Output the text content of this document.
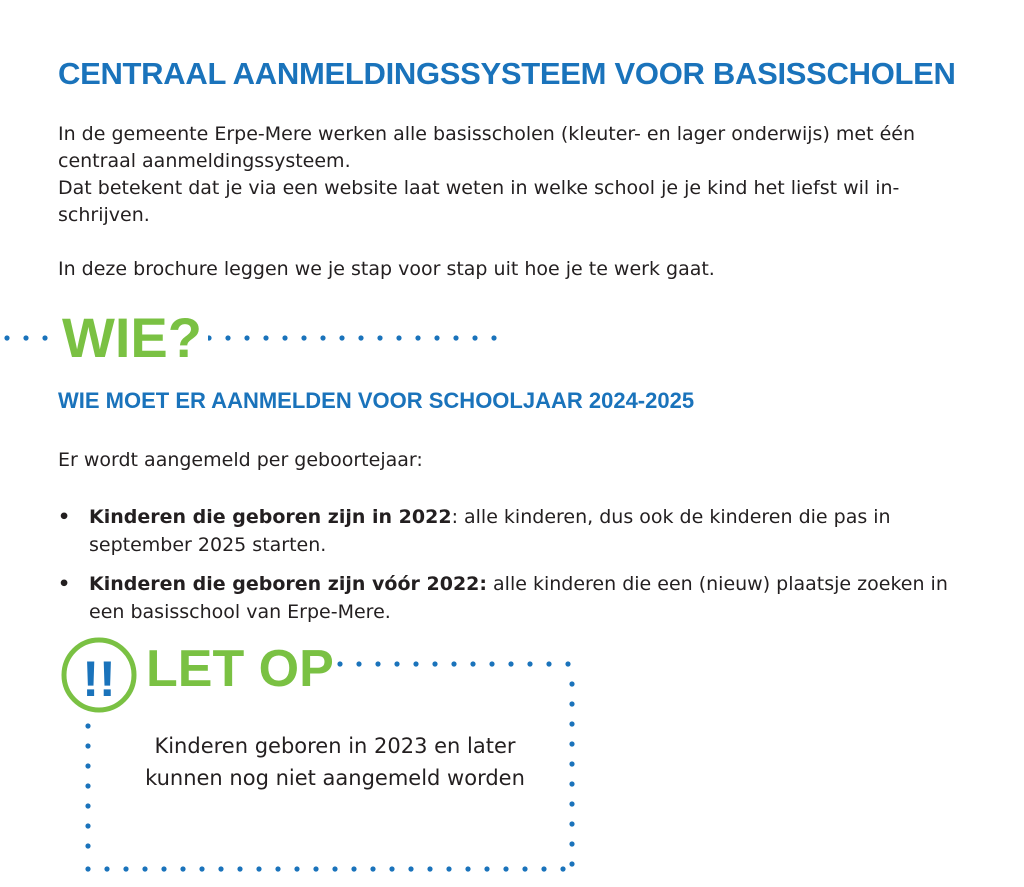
CENTRAAL AANMELDINGSSYSTEEM VOOR BASISSCHOLEN

In de gemeente Erpe-Mere werken alle basisscholen (kleuter- en lager onderwijs) met één centraal aanmeldingssysteem.

Dat betekent dat je via een website laat weten in welke school je je kind het liefst wil in-schrijven.

In deze brochure leggen we je stap voor stap uit hoe je te werk gaat.

WIE?
WIE MOET ER AANMELDEN VOOR SCHOOLJAAR 2024-2025

Er wordt aangemeld per geboortejaar:

• Kinderen die geboren zijn in 2022: alle kinderen, dus ook de kinderen die pas in september 2025 starten.
• Kinderen die geboren zijn vóór 2022: alle kinderen die een (nieuw) plaatsje zoeken in een basisschool van Erpe-Mere.
!! LET OP

Kinderen geboren in 2023 en later
kunnen nog niet aangemeld worden
